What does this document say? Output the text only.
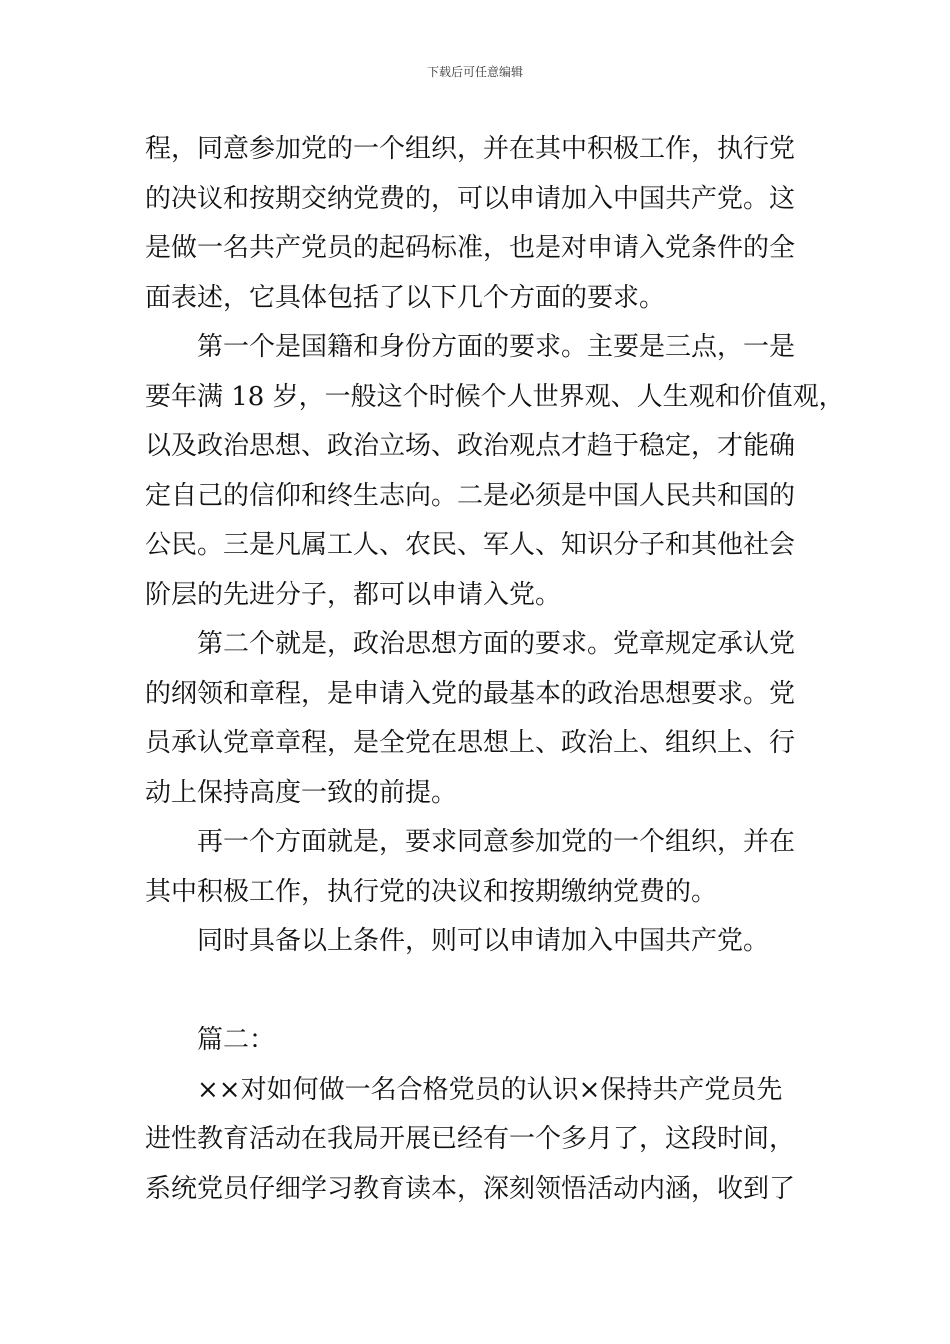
下载后可任意编辑
程，同意参加党的一个组织，并在其中积极工作，执行党
的决议和按期交纳党费的，可以申请加入中国共产党。这
是做一名共产党员的起码标准，也是对申请入党条件的全
面表述，它具体包括了以下几个方面的要求。
第一个是国籍和身份方面的要求。主要是三点，一是
要年满 18 岁，一般这个时候个人世界观、人生观和价值观，
以及政治思想、政治立场、政治观点才趋于稳定，才能确
定自己的信仰和终生志向。二是必须是中国人民共和国的
公民。三是凡属工人、农民、军人、知识分子和其他社会
阶层的先进分子，都可以申请入党。
第二个就是，政治思想方面的要求。党章规定承认党
的纲领和章程，是申请入党的最基本的政治思想要求。党
员承认党章章程，是全党在思想上、政治上、组织上、行
动上保持高度一致的前提。
再一个方面就是，要求同意参加党的一个组织，并在
其中积极工作，执行党的决议和按期缴纳党费的。
同时具备以上条件，则可以申请加入中国共产党。
篇二：
××对如何做一名合格党员的认识×保持共产党员先
进性教育活动在我局开展已经有一个多月了，这段时间，
系统党员仔细学习教育读本，深刻领悟活动内涵，收到了
